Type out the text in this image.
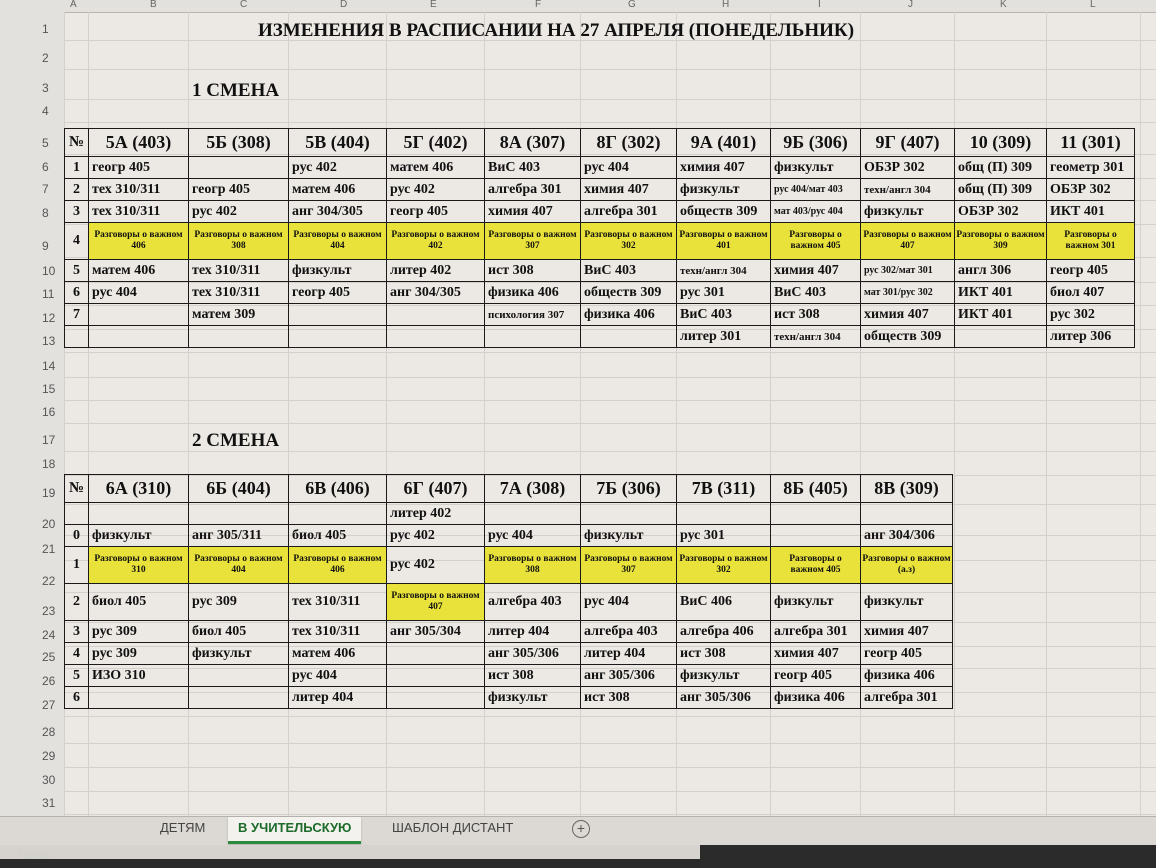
A	B	C	D	E	F	G	H	I	J	K	L
1
2
3
4
5
6
7
8
9
10
11
12
13
14
15
16
17
18
19
20
21
22
23
24
25
26
27
28
29
30
31
ИЗМЕНЕНИЯ В РАСПИСАНИИ НА 27 АПРЕЛЯ (ПОНЕДЕЛЬНИК)
1 СМЕНА
№	5А (403)	5Б (308)	5В (404)	5Г (402)	8А (307)	8Г (302)	9А (401)	9Б (306)	9Г (407)	10 (309)	11 (301)
1	геогр 405		рус 402	матем 406	ВиС 403	рус 404	химия 407	физкульт	ОБЗР 302	общ (П) 309	геометр 301
2	тех 310/311	геогр 405	матем 406	рус 402	алгебра 301	химия 407	физкульт	рус 404/мат 403	техн/англ 304	общ (П) 309	ОБЗР 302
3	тех 310/311	рус 402	анг 304/305	геогр 405	химия 407	алгебра 301	обществ 309	мат 403/рус 404	физкульт	ОБЗР 302	ИКТ 401
4	Разговоры о важном 406	Разговоры о важном 308	Разговоры о важном 404	Разговоры о важном 402	Разговоры о важном 307	Разговоры о важном 302	Разговоры о важном 401	Разговоры о важном 405	Разговоры о важном 407	Разговоры о важном 309	Разговоры о важном 301
5	матем 406	тех 310/311	физкульт	литер 402	ист 308	ВиС 403	техн/англ 304	химия 407	рус 302/мат 301	англ 306	геогр 405
6	рус 404	тех 310/311	геогр 405	анг 304/305	физика 406	обществ 309	рус 301	ВиС 403	мат 301/рус 302	ИКТ 401	биол 407
7		матем 309			психология 307	физика 406	ВиС 403	ист 308	химия 407	ИКТ 401	рус 302
							литер 301	техн/англ 304	обществ 309		литер 306
2 СМЕНА
№	6А (310)	6Б (404)	6В (406)	6Г (407)	7А (308)	7Б (306)	7В (311)	8Б (405)	8В (309)
				литер 402					
0	физкульт	анг 305/311	биол 405	рус 402	рус 404	физкульт	рус 301		анг 304/306
1	Разговоры о важном 310	Разговоры о важном 404	Разговоры о важном 406	рус 402	Разговоры о важном 308	Разговоры о важном 307	Разговоры о важном 302	Разговоры о важном 405	Разговоры о важном (а.з)
2	биол 405	рус 309	тех 310/311	Разговоры о важном 407	алгебра 403	рус 404	ВиС 406	физкульт	физкульт
3	рус 309	биол 405	тех 310/311	анг 305/304	литер 404	алгебра 403	алгебра 406	алгебра 301	химия 407
4	рус 309	физкульт	матем 406		анг 305/306	литер 404	ист 308	химия 407	геогр 405
5	ИЗО 310		рус 404		ист 308	анг 305/306	физкульт	геогр 405	физика 406
6			литер 404		физкульт	ист 308	анг 305/306	физика 406	алгебра 301
ДЕТЯМ	В УЧИТЕЛЬСКУЮ	ШАБЛОН ДИСТАНТ	+
Готово
